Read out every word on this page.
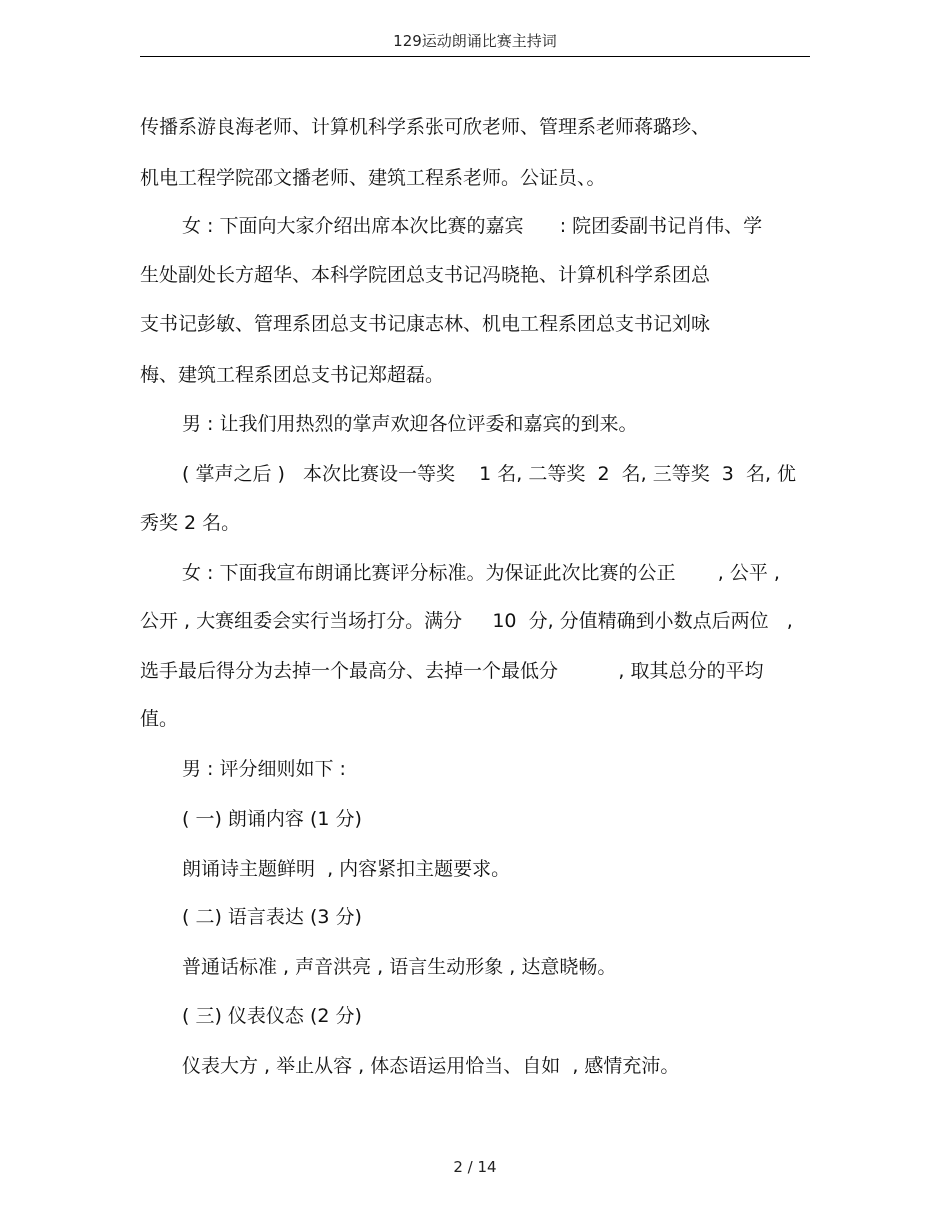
129运动朗诵比赛主持词
传播系游良海老师、计算机科学系张可欣老师、管理系老师蒋璐珍、
机电工程学院邵文播老师、建筑工程系老师。公证员、。
女 : 下面向大家介绍出席本次比赛的嘉宾      : 院团委副书记肖伟、学
生处副处长方超华、本科学院团总支书记冯晓艳、计算机科学系团总
支书记彭敏、管理系团总支书记康志林、机电工程系团总支书记刘咏
梅、建筑工程系团总支书记郑超磊。
男 : 让我们用热烈的掌声欢迎各位评委和嘉宾的到来。
( 掌声之后 )   本次比赛设一等奖    1 名, 二等奖  2  名, 三等奖  3  名, 优
秀奖 2 名。
女 : 下面我宣布朗诵比赛评分标准。为保证此次比赛的公正       , 公平 ,
公开 , 大赛组委会实行当场打分。满分     10  分, 分值精确到小数点后两位   ,
选手最后得分为去掉一个最高分、去掉一个最低分          , 取其总分的平均
值。
男 : 评分细则如下 :
( 一) 朗诵内容 (1 分)
朗诵诗主题鲜明  , 内容紧扣主题要求。
( 二) 语言表达 (3 分)
普通话标准 , 声音洪亮 , 语言生动形象 , 达意晓畅。
( 三) 仪表仪态 (2 分)
仪表大方 , 举止从容 , 体态语运用恰当、自如  , 感情充沛。
2 / 14
